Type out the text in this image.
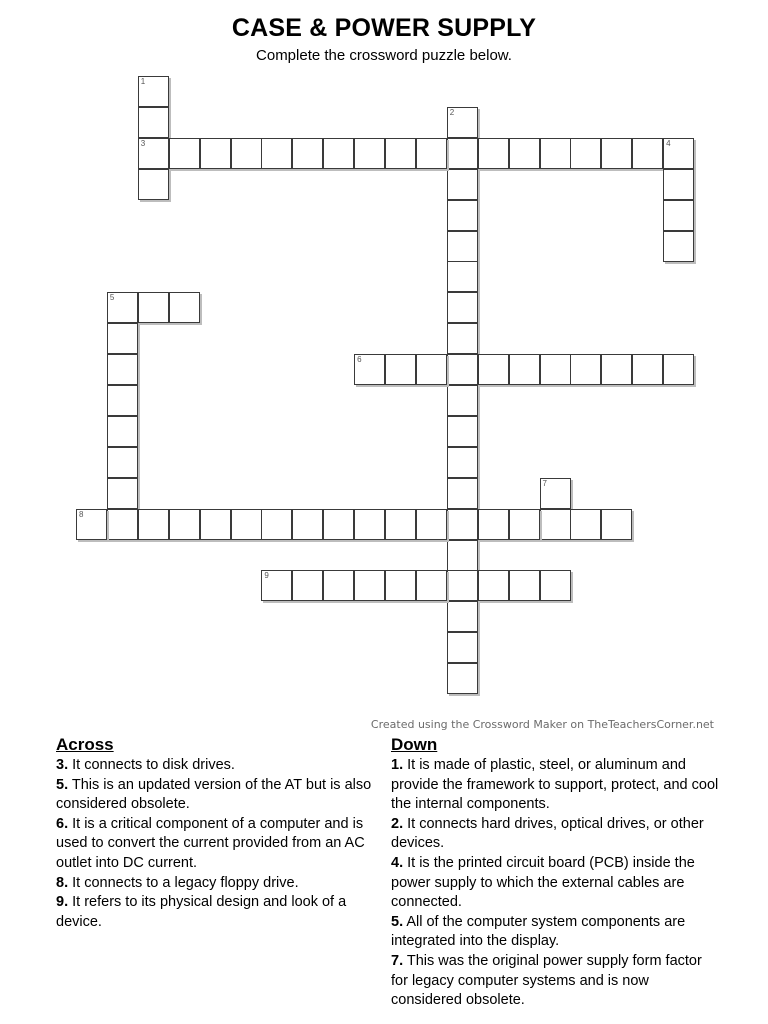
CASE & POWER SUPPLY
Complete the crossword puzzle below.
1
3
2
4
5
6
7
8
9
Created using the Crossword Maker on TheTeachersCorner.net
Across
3. It connects to disk drives.
5. This is an updated version of the AT but is also considered obsolete.
6. It is a critical component of a computer and is used to convert the current provided from an AC outlet into DC current.
8. It connects to a legacy floppy drive.
9. It refers to its physical design and look of a device.
Down
1. It is made of plastic, steel, or aluminum and provide the framework to support, protect, and cool the internal components.
2. It connects hard drives, optical drives, or other devices.
4. It is the printed circuit board (PCB) inside the power supply to which the external cables are connected.
5. All of the computer system components are integrated into the display.
7. This was the original power supply form factor for legacy computer systems and is now considered obsolete.
